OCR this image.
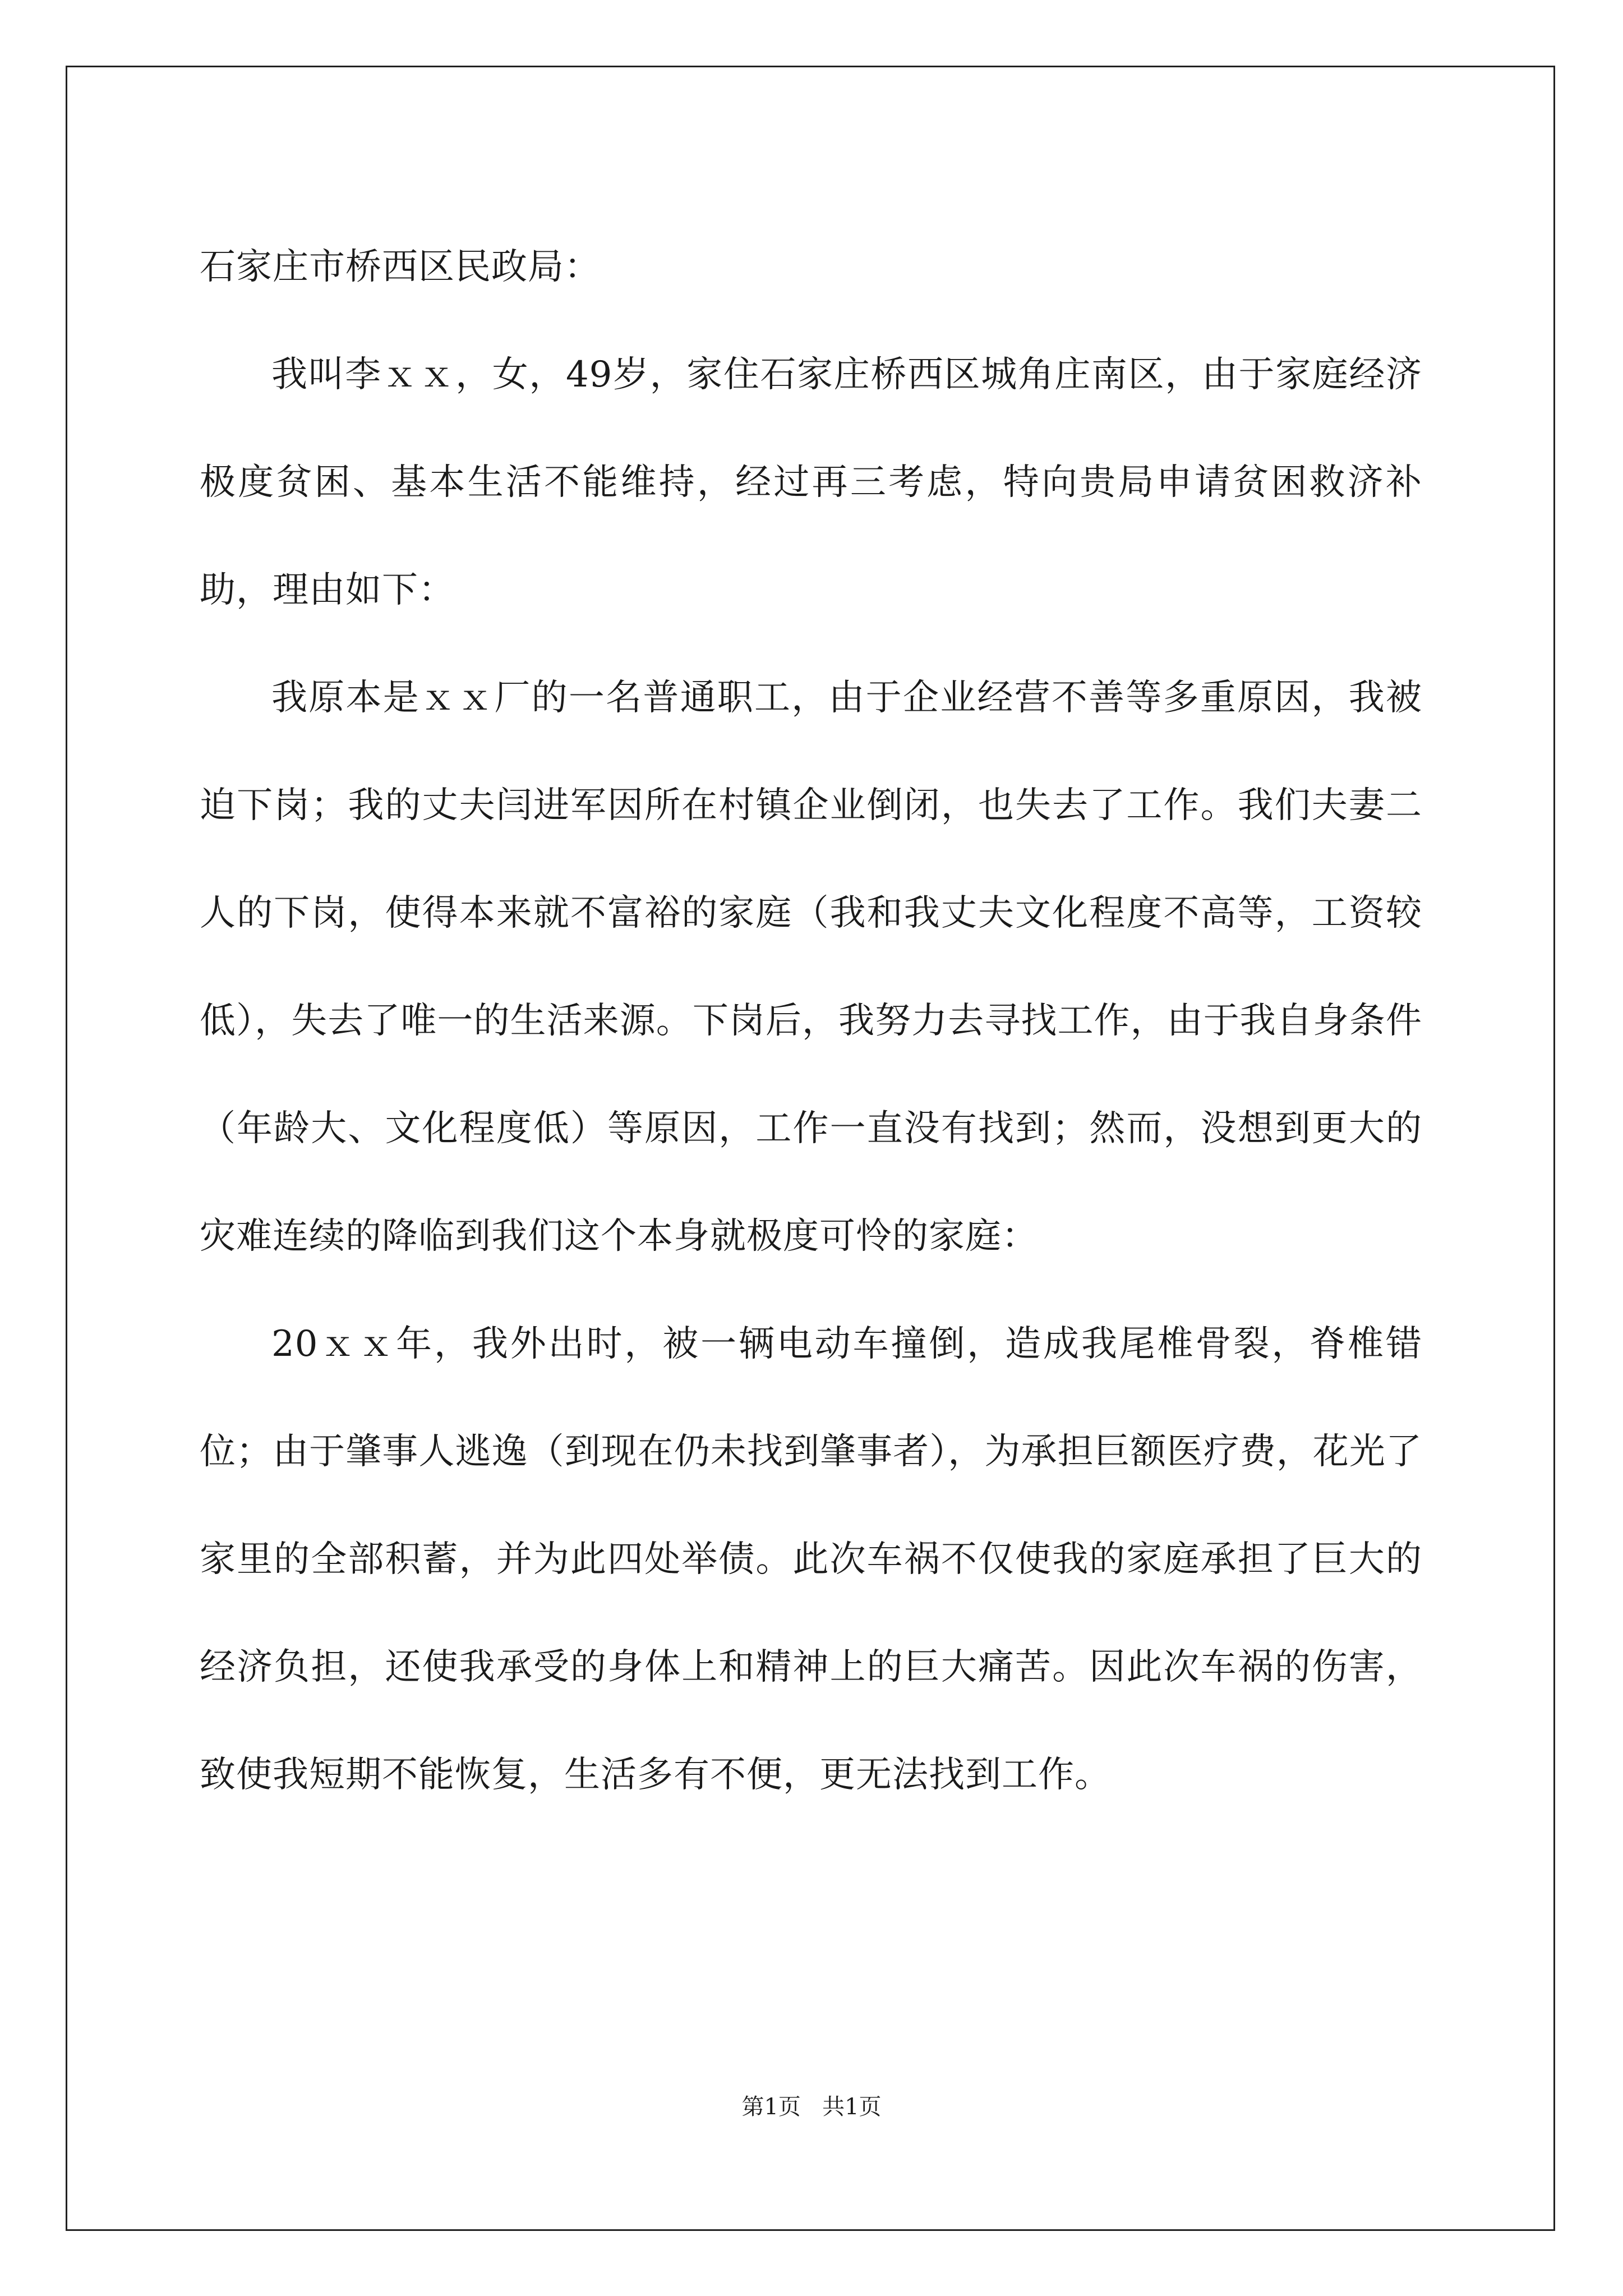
石家庄市桥西区民政局：

我叫李ｘｘ，女，49岁，家住石家庄桥西区城角庄南区，由于家庭经济极度贫困、基本生活不能维持，经过再三考虑，特向贵局申请贫困救济补助，理由如下：

我原本是ｘｘ厂的一名普通职工，由于企业经营不善等多重原因，我被迫下岗；我的丈夫闫进军因所在村镇企业倒闭，也失去了工作。我们夫妻二人的下岗，使得本来就不富裕的家庭（我和我丈夫文化程度不高等，工资较低），失去了唯一的生活来源。下岗后，我努力去寻找工作，由于我自身条件（年龄大、文化程度低）等原因，工作一直没有找到；然而，没想到更大的灾难连续的降临到我们这个本身就极度可怜的家庭：

20ｘｘ年，我外出时，被一辆电动车撞倒，造成我尾椎骨裂，脊椎错位；由于肇事人逃逸（到现在仍未找到肇事者），为承担巨额医疗费，花光了家里的全部积蓄，并为此四处举债。此次车祸不仅使我的家庭承担了巨大的经济负担，还使我承受的身体上和精神上的巨大痛苦。因此次车祸的伤害，致使我短期不能恢复，生活多有不便，更无法找到工作。

第1页 共1页
